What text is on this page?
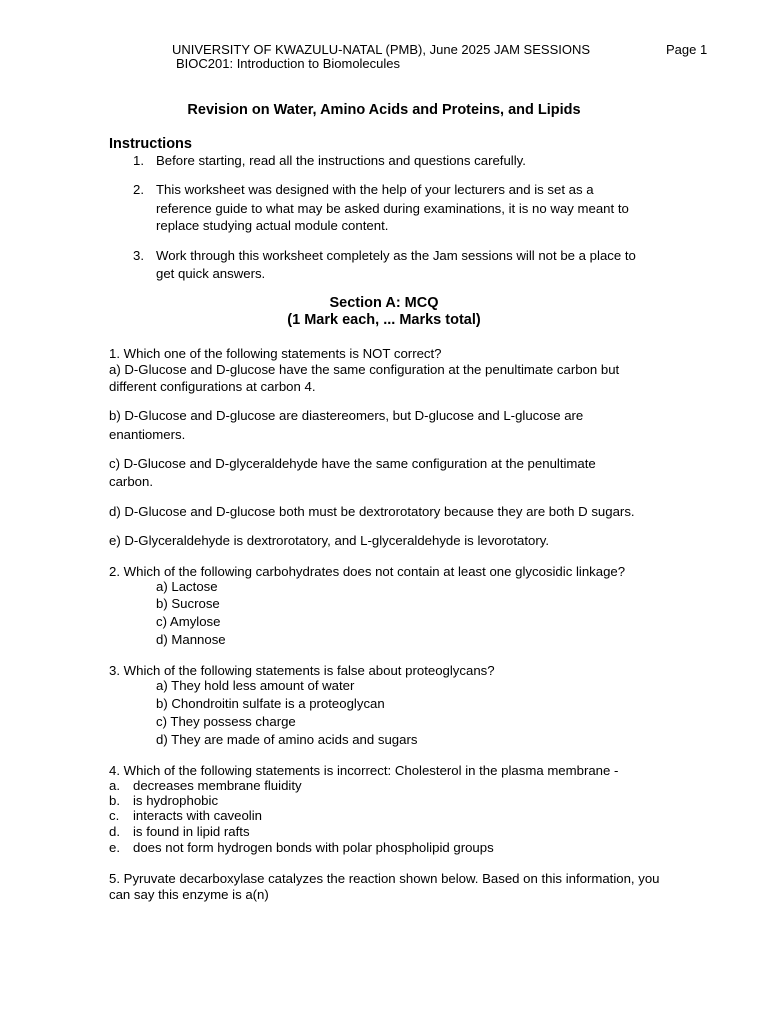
UNIVERSITY OF KWAZULU-NATAL (PMB), June 2025 JAM SESSIONS	Page 1
BIOC201: Introduction to Biomolecules
Revision on Water, Amino Acids and Proteins, and Lipids
Instructions
1. Before starting, read all the instructions and questions carefully.
2. This worksheet was designed with the help of your lecturers and is set as a
reference guide to what may be asked during examinations, it is no way meant to
replace studying actual module content.
3. Work through this worksheet completely as the Jam sessions will not be a place to
get quick answers.
Section A: MCQ
(1 Mark each, ... Marks total)
1. Which one of the following statements is NOT correct?
a) D-Glucose and D-glucose have the same configuration at the penultimate carbon but
different configurations at carbon 4.
b) D-Glucose and D-glucose are diastereomers, but D-glucose and L-glucose are
enantiomers.
c) D-Glucose and D-glyceraldehyde have the same configuration at the penultimate
carbon.
d) D-Glucose and D-glucose both must be dextrorotatory because they are both D sugars.
e) D-Glyceraldehyde is dextrorotatory, and L-glyceraldehyde is levorotatory.
2. Which of the following carbohydrates does not contain at least one glycosidic linkage?
a) Lactose
b) Sucrose
c) Amylose
d) Mannose
3. Which of the following statements is false about proteoglycans?
a) They hold less amount of water
b) Chondroitin sulfate is a proteoglycan
c) They possess charge
d) They are made of amino acids and sugars
4. Which of the following statements is incorrect: Cholesterol in the plasma membrane -
a. decreases membrane fluidity
b. is hydrophobic
c. interacts with caveolin
d. is found in lipid rafts
e. does not form hydrogen bonds with polar phospholipid groups
5. Pyruvate decarboxylase catalyzes the reaction shown below. Based on this information, you
can say this enzyme is a(n)
